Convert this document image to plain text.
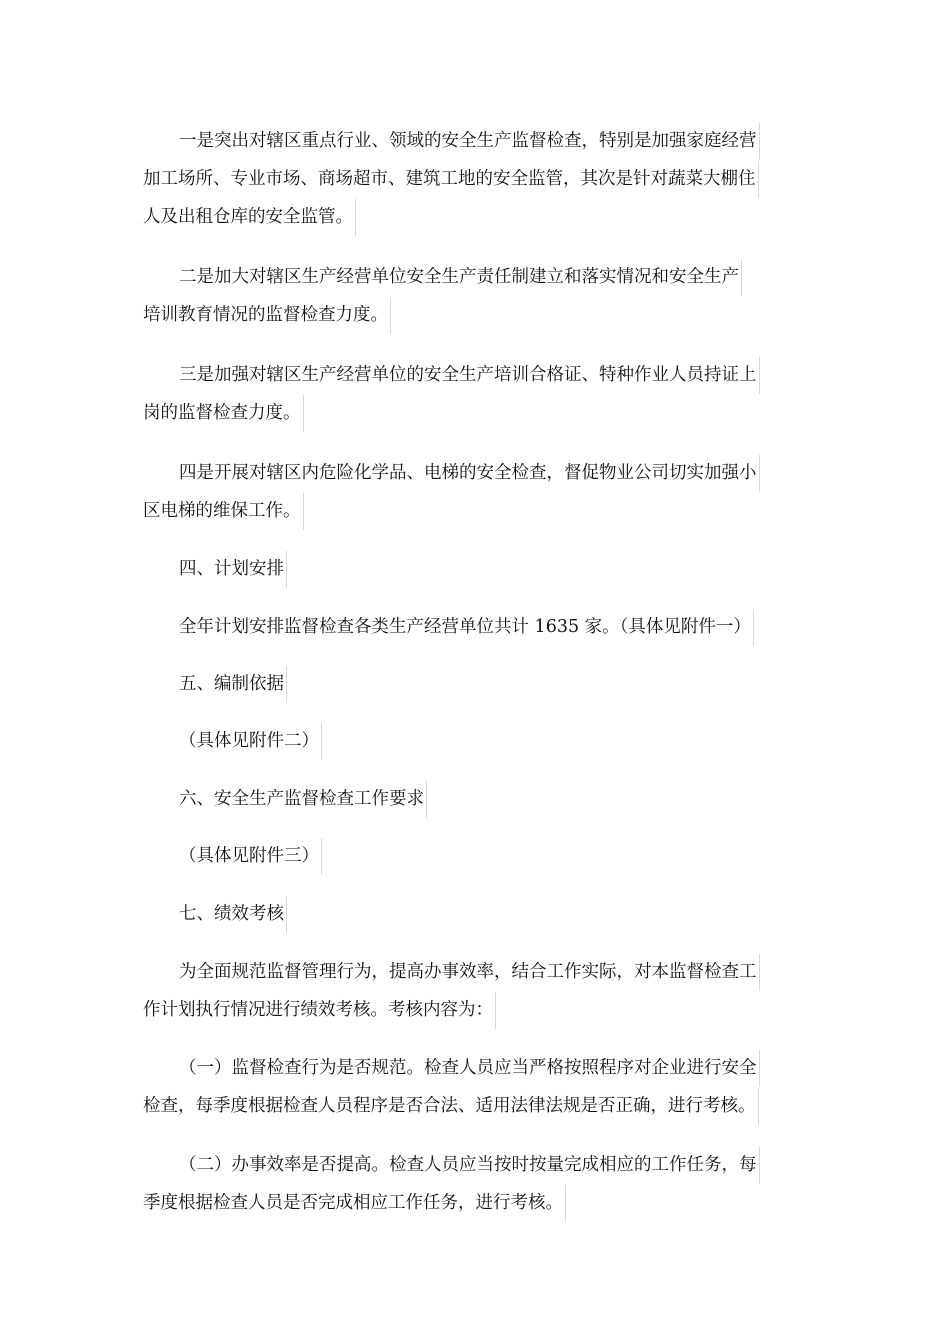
一是突出对辖区重点行业、领域的安全生产监督检查，特别是加强家庭经营
加工场所、专业市场、商场超市、建筑工地的安全监管，其次是针对蔬菜大棚住
人及出租仓库的安全监管。
二是加大对辖区生产经营单位安全生产责任制建立和落实情况和安全生产
培训教育情况的监督检查力度。
三是加强对辖区生产经营单位的安全生产培训合格证、特种作业人员持证上
岗的监督检查力度。
四是开展对辖区内危险化学品、电梯的安全检查，督促物业公司切实加强小
区电梯的维保工作。
四、计划安排
全年计划安排监督检查各类生产经营单位共计 1635 家。（具体见附件一）
五、编制依据
（具体见附件二）
六、安全生产监督检查工作要求
（具体见附件三）
七、绩效考核
为全面规范监督管理行为，提高办事效率，结合工作实际，对本监督检查工
作计划执行情况进行绩效考核。考核内容为：
（一）监督检查行为是否规范。检查人员应当严格按照程序对企业进行安全
检查，每季度根据检查人员程序是否合法、适用法律法规是否正确，进行考核。
（二）办事效率是否提高。检查人员应当按时按量完成相应的工作任务，每
季度根据检查人员是否完成相应工作任务，进行考核。
